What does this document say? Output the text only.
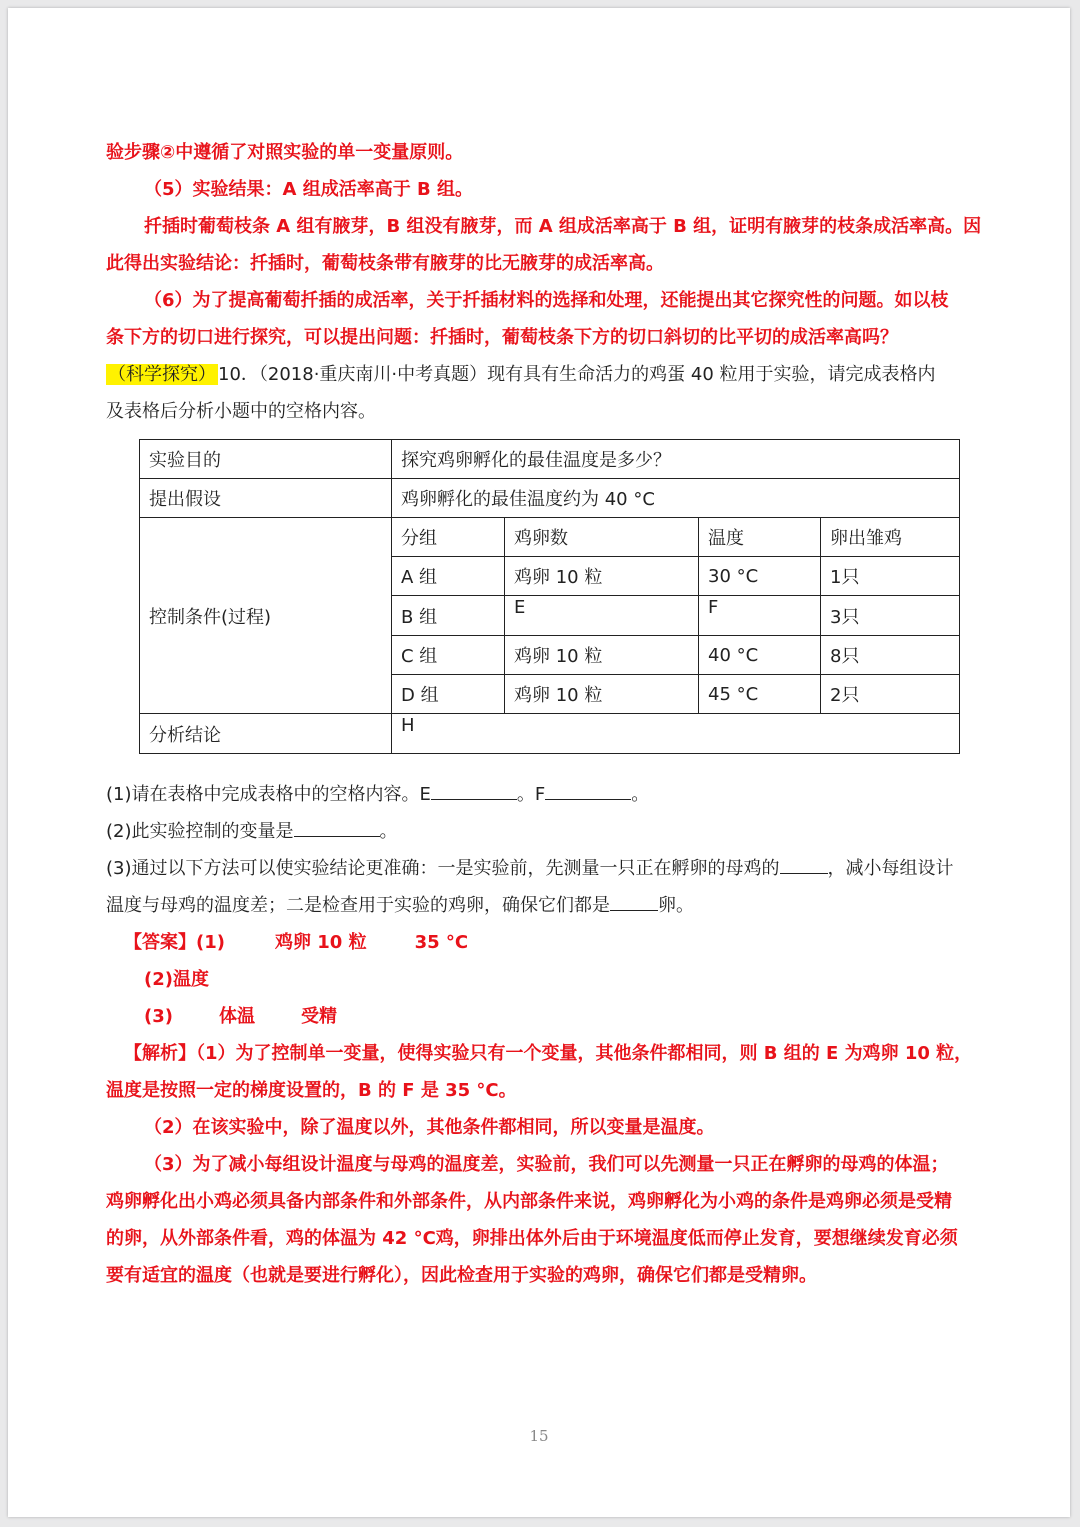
验步骤②中遵循了对照实验的单一变量原则。

（5）实验结果：A 组成活率高于 B 组。

扦插时葡萄枝条 A 组有腋芽，B 组没有腋芽，而 A 组成活率高于 B 组，证明有腋芽的枝条成活率高。因

此得出实验结论：扦插时，葡萄枝条带有腋芽的比无腋芽的成活率高。

（6）为了提高葡萄扦插的成活率，关于扦插材料的选择和处理，还能提出其它探究性的问题。如以枝

条下方的切口进行探究，可以提出问题：扦插时，葡萄枝条下方的切口斜切的比平切的成活率高吗？

（科学探究） 10．（2018·重庆南川·中考真题）现有具有生命活力的鸡蛋 40 粒用于实验，请完成表格内

及表格后分析小题中的空格内容。

实验目的	探究鸡卵孵化的最佳温度是多少？			
提出假设	鸡卵孵化的最佳温度约为 40 °C			
控制条件(过程)	分组	鸡卵数	温度	卵出雏鸡
	A 组	鸡卵 10 粒	30 °C	1只
	B 组	E	F	3只
	C 组	鸡卵 10 粒	40 °C	8只
	D 组	鸡卵 10 粒	45 °C	2只
分析结论	H			

(1)请在表格中完成表格中的空格内容。E	。F	。

(2)此实验控制的变量是	。

(3)通过以下方法可以使实验结论更准确：一是实验前，先测量一只正在孵卵的母鸡的	，减小每组设计

温度与母鸡的温度差；二是检查用于实验的鸡卵，确保它们都是	卵。

【答案】(1)	鸡卵 10 粒	35 °C

(2)温度

(3)	体温	受精

【解析】（1）为了控制单一变量，使得实验只有一个变量，其他条件都相同，则 B 组的 E 为鸡卵 10 粒，

温度是按照一定的梯度设置的，B 的 F 是 35 °C。

（2）在该实验中，除了温度以外，其他条件都相同，所以变量是温度。

（3）为了减小每组设计温度与母鸡的温度差，实验前，我们可以先测量一只正在孵卵的母鸡的体温；

鸡卵孵化出小鸡必须具备内部条件和外部条件，从内部条件来说，鸡卵孵化为小鸡的条件是鸡卵必须是受精

的卵，从外部条件看，鸡的体温为 42 °C鸡，卵排出体外后由于环境温度低而停止发育，要想继续发育必须

要有适宜的温度（也就是要进行孵化），因此检查用于实验的鸡卵，确保它们都是受精卵。

15
